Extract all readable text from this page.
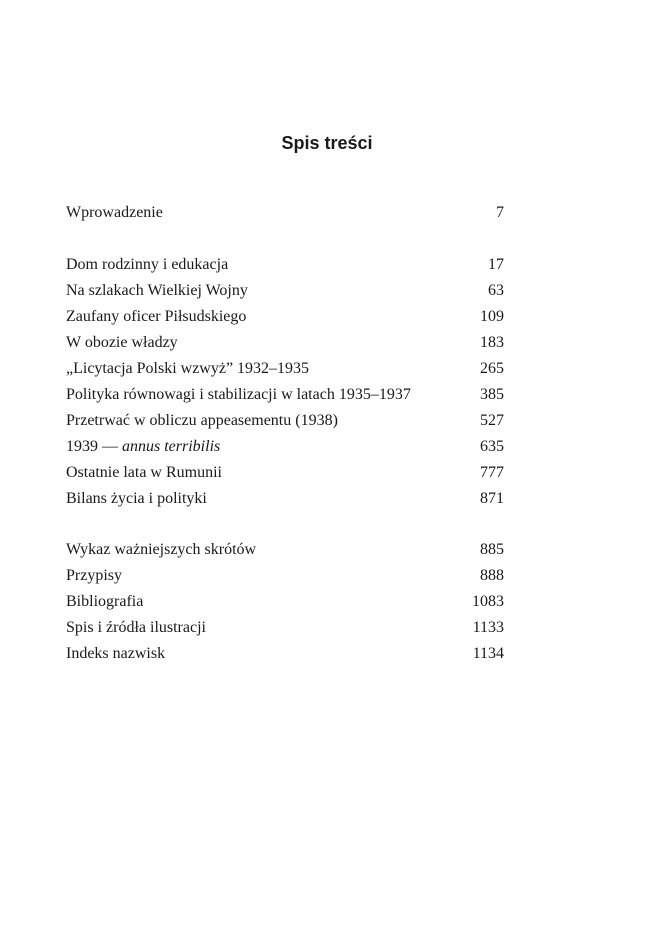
Spis treści
Wprowadzenie	7
Dom rodzinny i edukacja	17
Na szlakach Wielkiej Wojny	63
Zaufany oficer Piłsudskiego	109
W obozie władzy	183
„Licytacja Polski wzwyż” 1932–1935	265
Polityka równowagi i stabilizacji w latach 1935–1937	385
Przetrwać w obliczu appeasementu (1938)	527
1939 — annus terribilis	635
Ostatnie lata w Rumunii	777
Bilans życia i polityki	871
Wykaz ważniejszych skrótów	885
Przypisy	888
Bibliografia	1083
Spis i źródła ilustracji	1133
Indeks nazwisk	1134
